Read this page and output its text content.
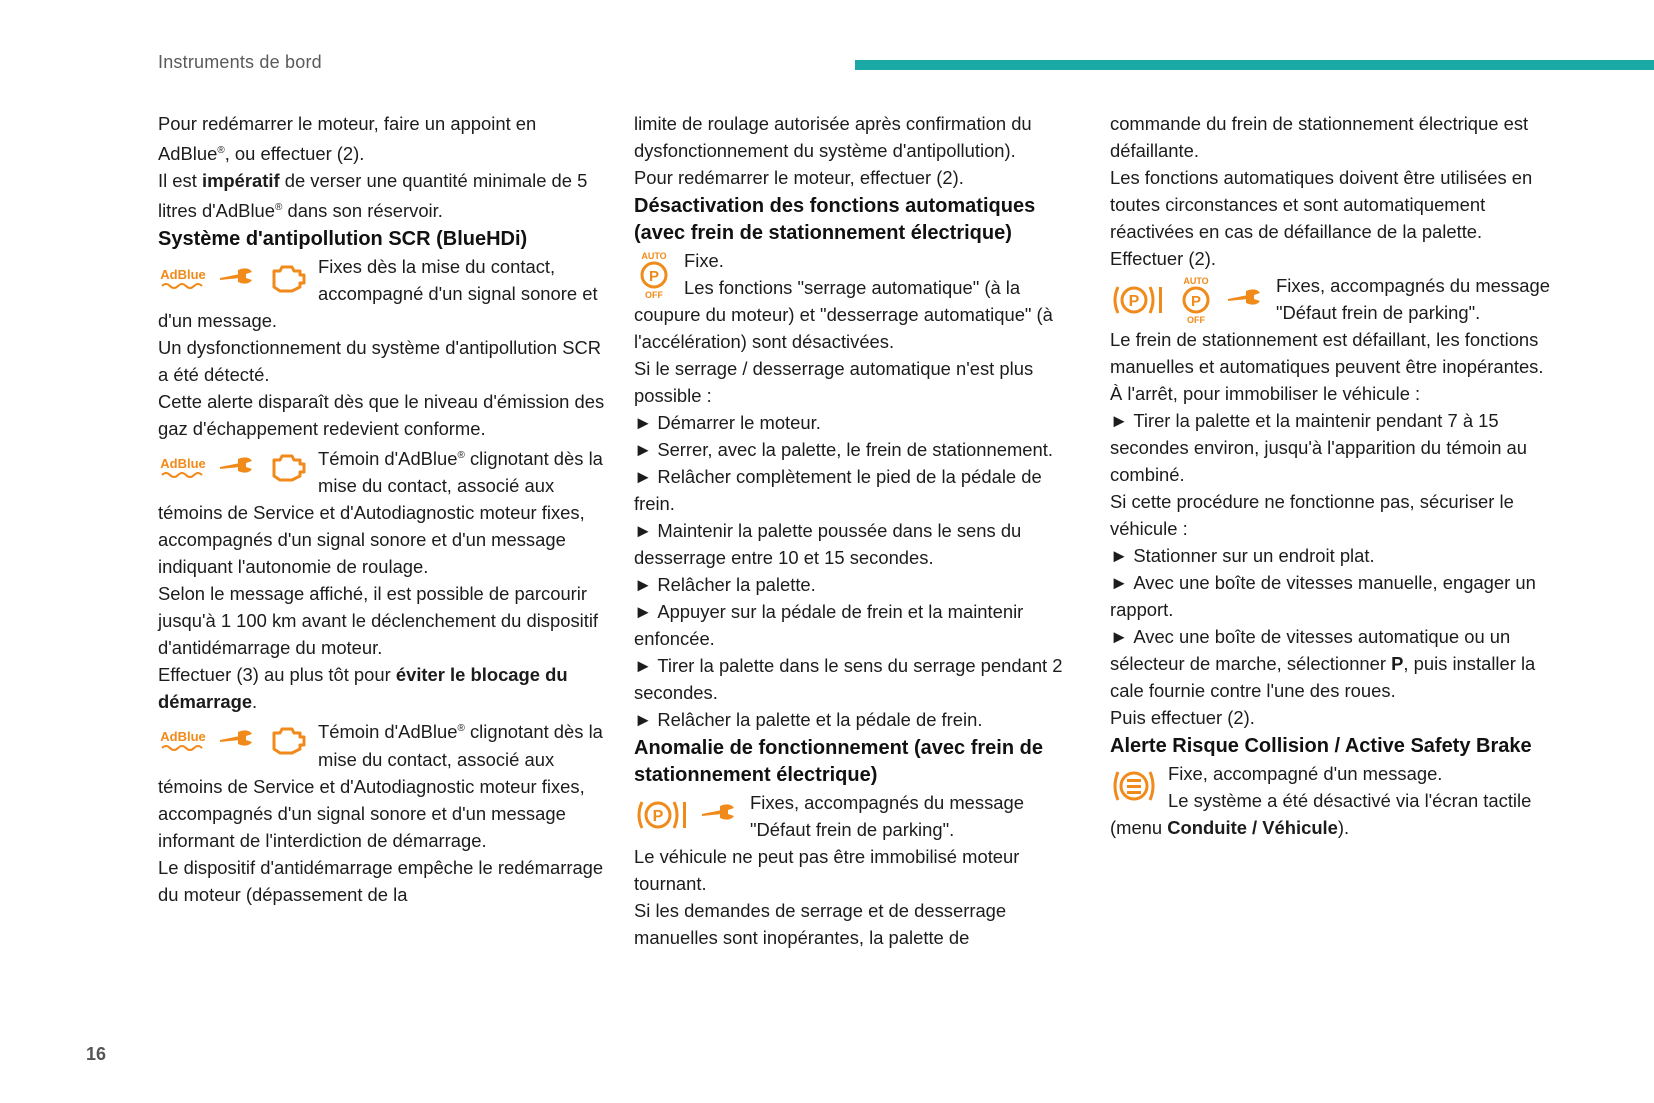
Instruments de bord

Pour redémarrer le moteur, faire un appoint en AdBlue®, ou effectuer (2).

Il est impératif de verser une quantité minimale de 5 litres d'AdBlue® dans son réservoir.

Système d'antipollution SCR (BlueHDi)
AdBlue	Fixes dès la mise du contact, accompagné d'un signal sonore et d'un message.

Un dysfonctionnement du système d'antipollution SCR a été détecté.

Cette alerte disparaît dès que le niveau d'émission des gaz d'échappement redevient conforme.

AdBlue	Témoin d'AdBlue® clignotant dès la mise du contact, associé aux témoins de Service et d'Autodiagnostic moteur fixes, accompagnés d'un signal sonore et d'un message indiquant l'autonomie de roulage.

Selon le message affiché, il est possible de parcourir jusqu'à 1 100 km avant le déclenchement du dispositif d'antidémarrage du moteur.

Effectuer (3) au plus tôt pour éviter le blocage du démarrage.

AdBlue	Témoin d'AdBlue® clignotant dès la mise du contact, associé aux témoins de Service et d'Autodiagnostic moteur fixes, accompagnés d'un signal sonore et d'un message informant de l'interdiction de démarrage.

Le dispositif d'antidémarrage empêche le redémarrage du moteur (dépassement de la

limite de roulage autorisée après confirmation du dysfonctionnement du système d'antipollution).

Pour redémarrer le moteur, effectuer (2).

Désactivation des fonctions automatiques (avec frein de stationnement électrique)
AUTO
P
OFF

Fixe.

Les fonctions "serrage automatique" (à la coupure du moteur) et "desserrage automatique" (à l'accélération) sont désactivées.

Si le serrage / desserrage automatique n'est plus possible :

► Démarrer le moteur.

► Serrer, avec la palette, le frein de stationnement.

► Relâcher complètement le pied de la pédale de frein.

► Maintenir la palette poussée dans le sens du desserrage entre 10 et 15 secondes.

► Relâcher la palette.

► Appuyer sur la pédale de frein et la maintenir enfoncée.

► Tirer la palette dans le sens du serrage pendant 2 secondes.

► Relâcher la palette et la pédale de frein.

Anomalie de fonctionnement (avec frein de stationnement électrique)
P

Fixes, accompagnés du message "Défaut frein de parking".

Le véhicule ne peut pas être immobilisé moteur tournant.

Si les demandes de serrage et de desserrage manuelles sont inopérantes, la palette de

commande du frein de stationnement électrique est défaillante.

Les fonctions automatiques doivent être utilisées en toutes circonstances et sont automatiquement réactivées en cas de défaillance de la palette.

Effectuer (2).

P
AUTO
P
OFF

Fixes, accompagnés du message "Défaut frein de parking".

Le frein de stationnement est défaillant, les fonctions manuelles et automatiques peuvent être inopérantes.

À l'arrêt, pour immobiliser le véhicule :

► Tirer la palette et la maintenir pendant 7 à 15 secondes environ, jusqu'à l'apparition du témoin au combiné.

Si cette procédure ne fonctionne pas, sécuriser le véhicule :

► Stationner sur un endroit plat.

► Avec une boîte de vitesses manuelle, engager un rapport.

► Avec une boîte de vitesses automatique ou un sélecteur de marche, sélectionner P, puis installer la cale fournie contre l'une des roues.

Puis effectuer (2).

Alerte Risque Collision / Active Safety Brake

Fixe, accompagné d'un message.

Le système a été désactivé via l'écran tactile (menu Conduite / Véhicule).

16
